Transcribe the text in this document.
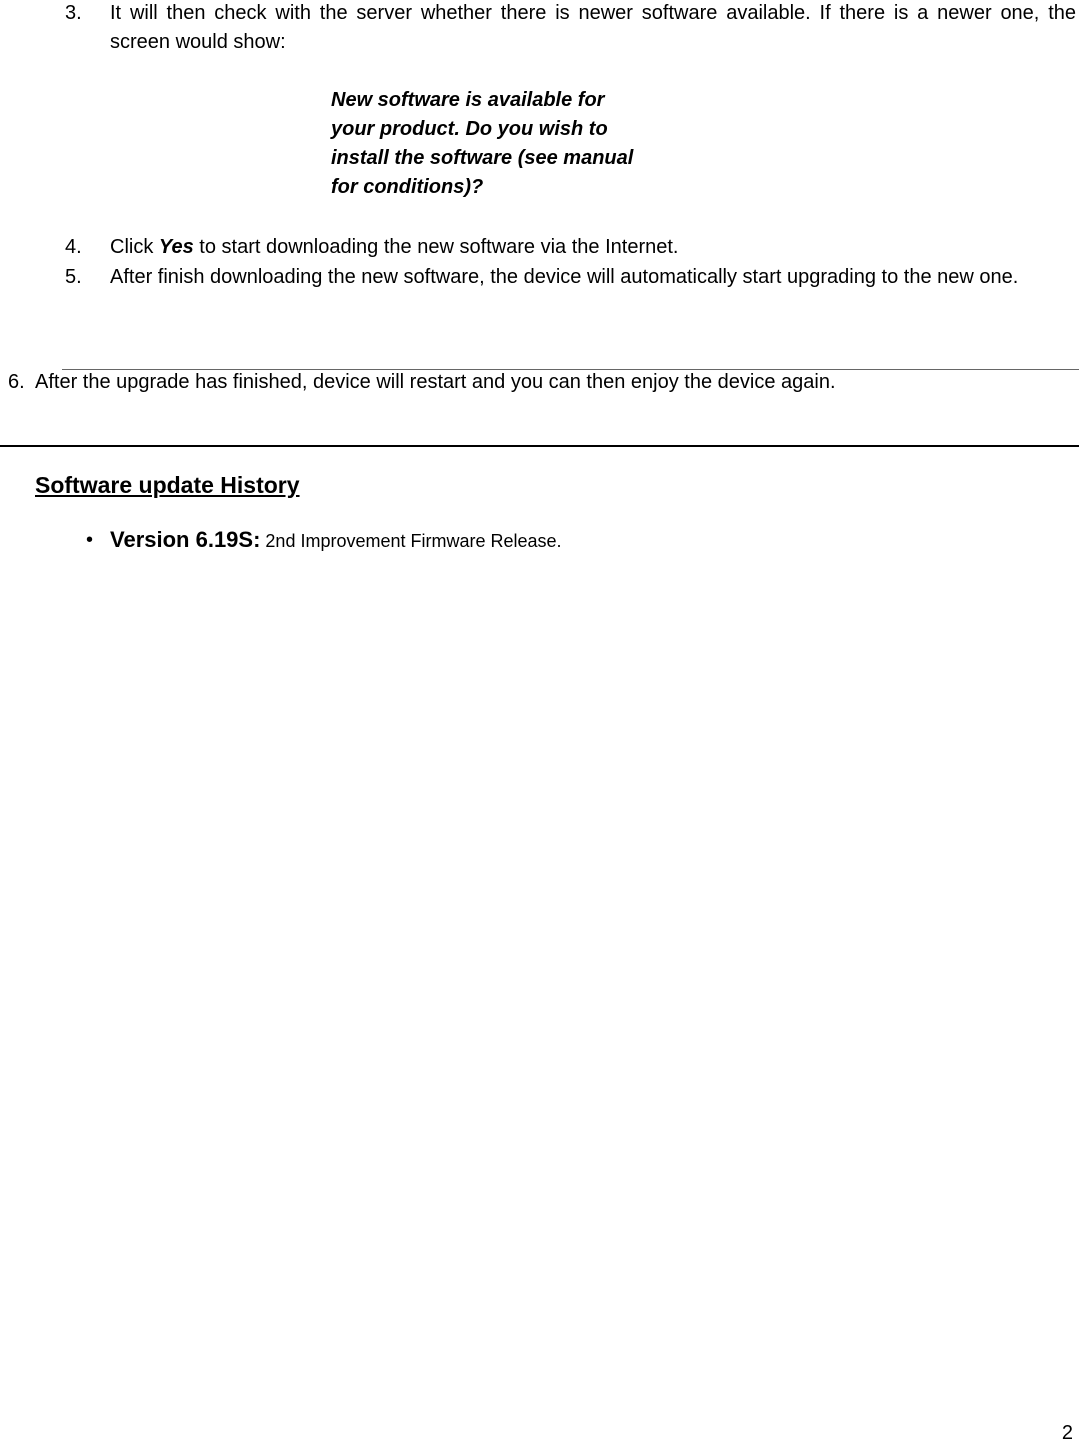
3. It will then check with the server whether there is newer software available. If there is a newer one, the screen would show:
New software is available for
your product. Do you wish to
install the software (see manual
for conditions)?
4. Click Yes to start downloading the new software via the Internet.
5. After finish downloading the new software, the device will automatically start upgrading to the new one.
6. After the upgrade has finished, device will restart and you can then enjoy the device again.
Software update History
• Version 6.19S: 2nd Improvement Firmware Release.
2
